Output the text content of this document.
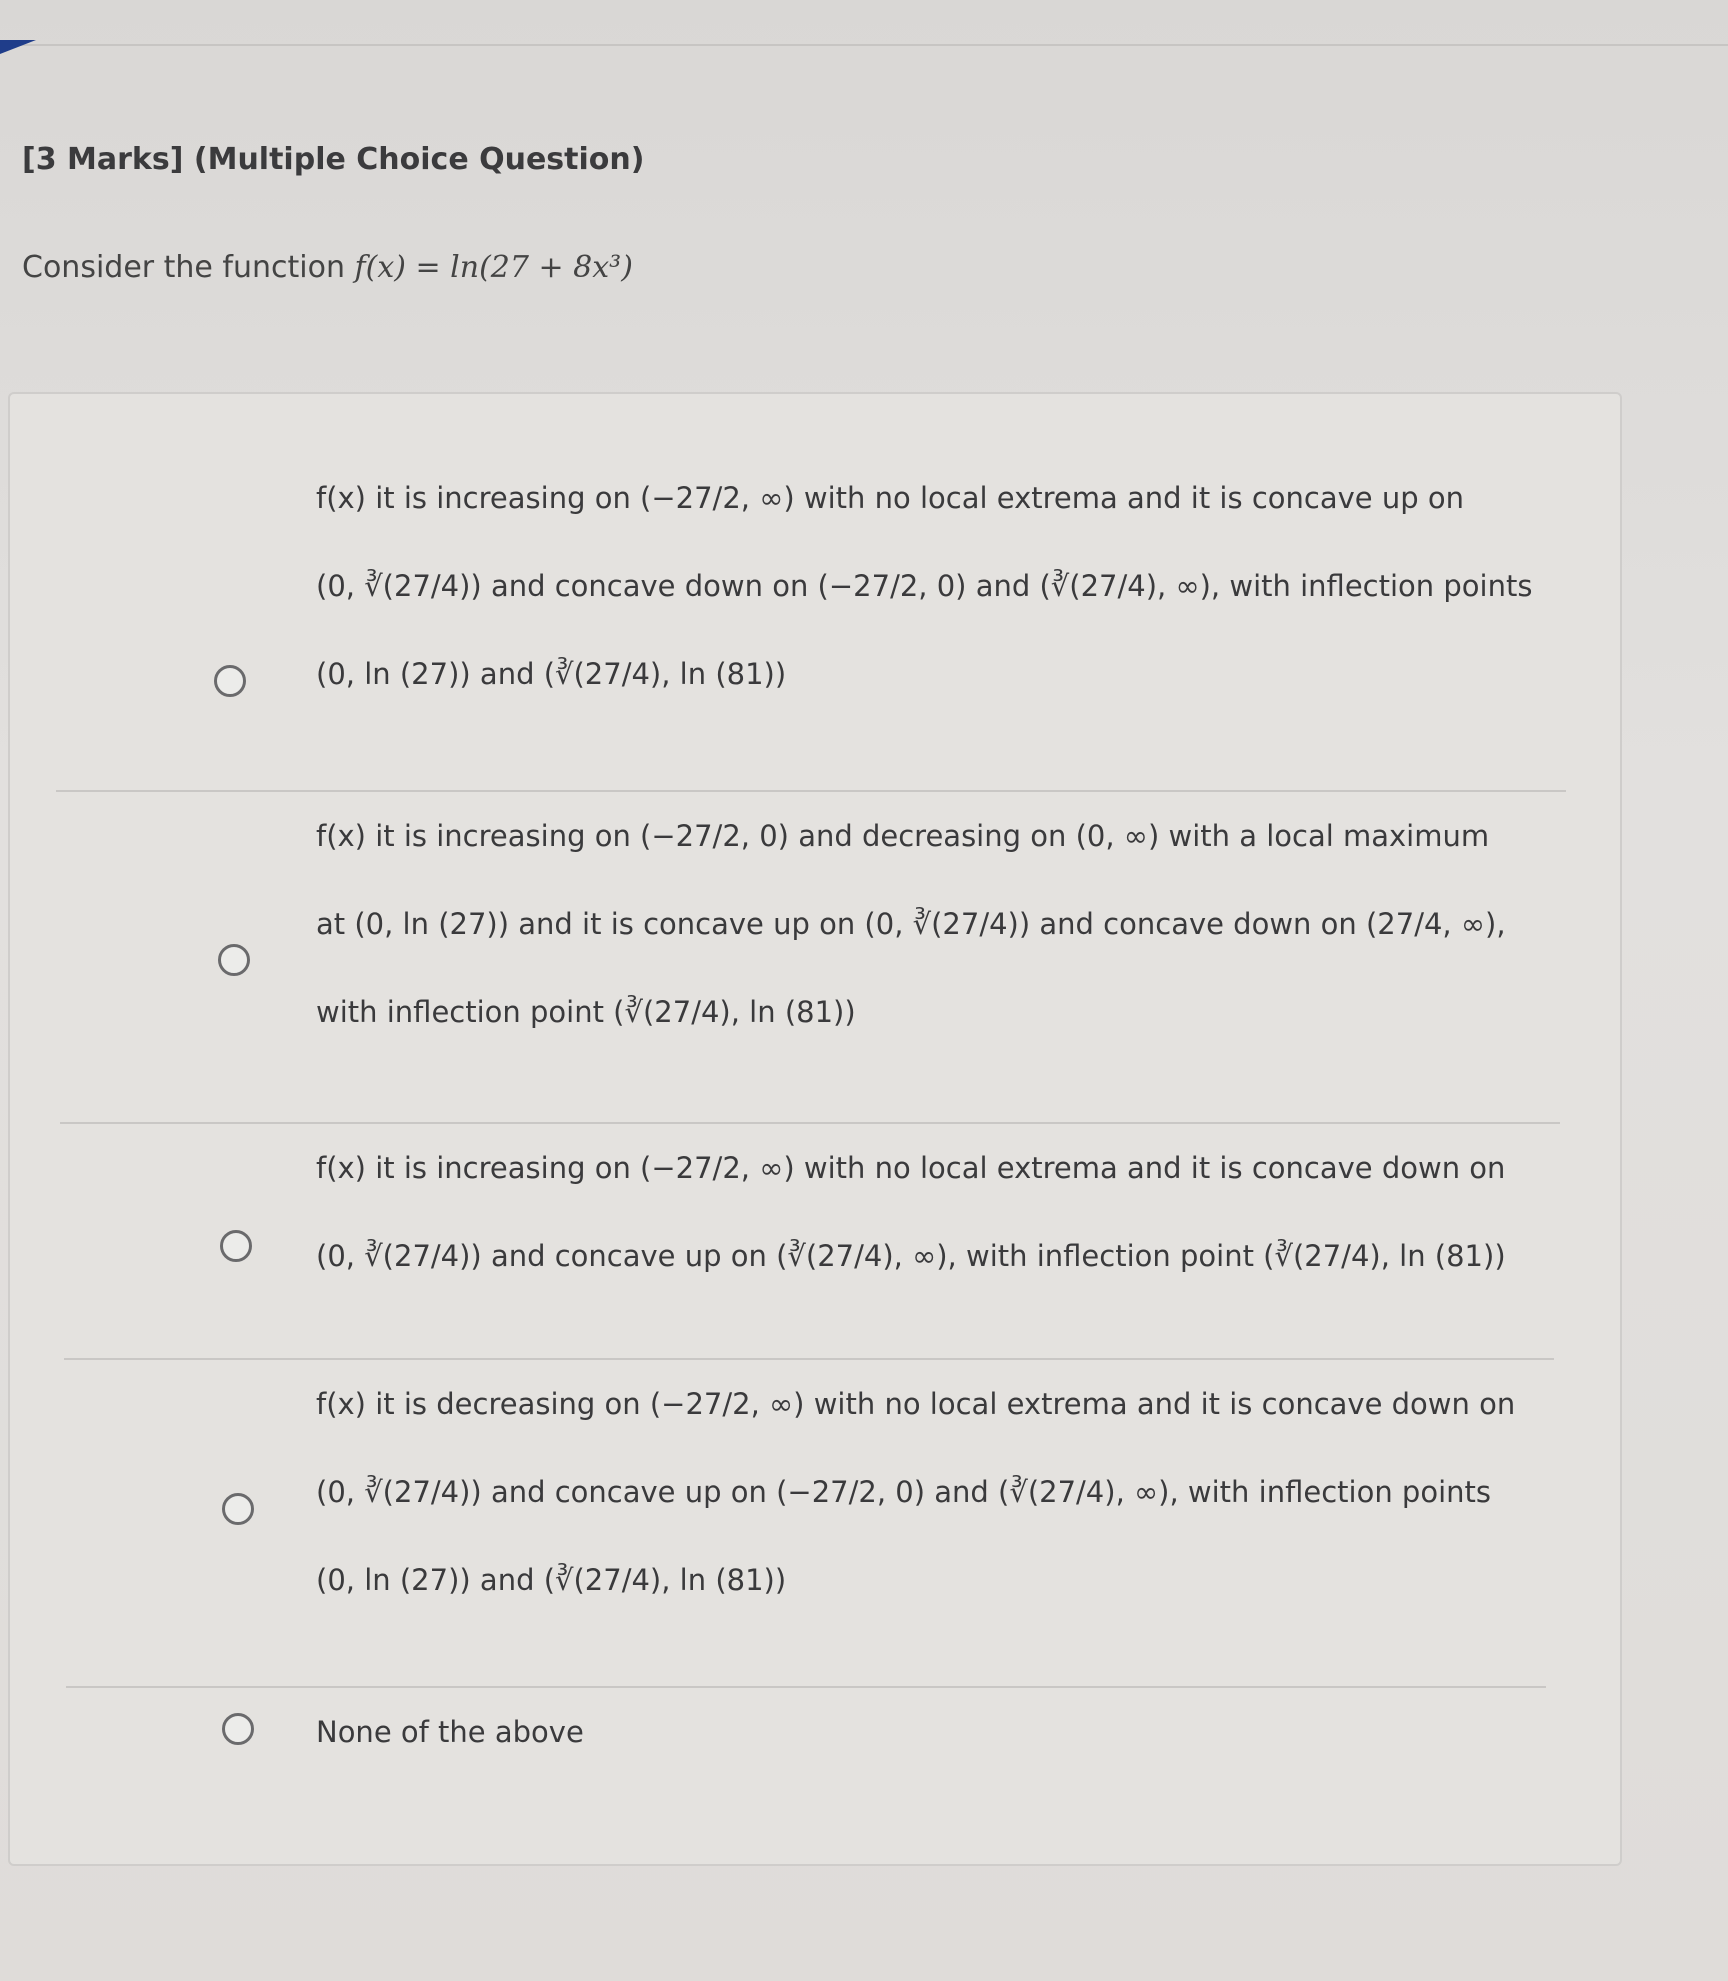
[3 Marks] (Multiple Choice Question)
Consider the function f(x) = ln(27 + 8x³)
f(x) it is increasing on (−27/2, ∞) with no local extrema and it is concave up on
(0, ∛(27/4)) and concave down on (−27/2, 0) and (∛(27/4), ∞), with inflection points
(0, ln (27)) and (∛(27/4), ln (81))
f(x) it is increasing on (−27/2, 0) and decreasing on (0, ∞) with a local maximum
at (0, ln (27)) and it is concave up on (0, ∛(27/4)) and concave down on (27/4, ∞),
with inflection point (∛(27/4), ln (81))
f(x) it is increasing on (−27/2, ∞) with no local extrema and it is concave down on
(0, ∛(27/4)) and concave up on (∛(27/4), ∞), with inflection point (∛(27/4), ln (81))
f(x) it is decreasing on (−27/2, ∞) with no local extrema and it is concave down on
(0, ∛(27/4)) and concave up on (−27/2, 0) and (∛(27/4), ∞), with inflection points
(0, ln (27)) and (∛(27/4), ln (81))
None of the above
